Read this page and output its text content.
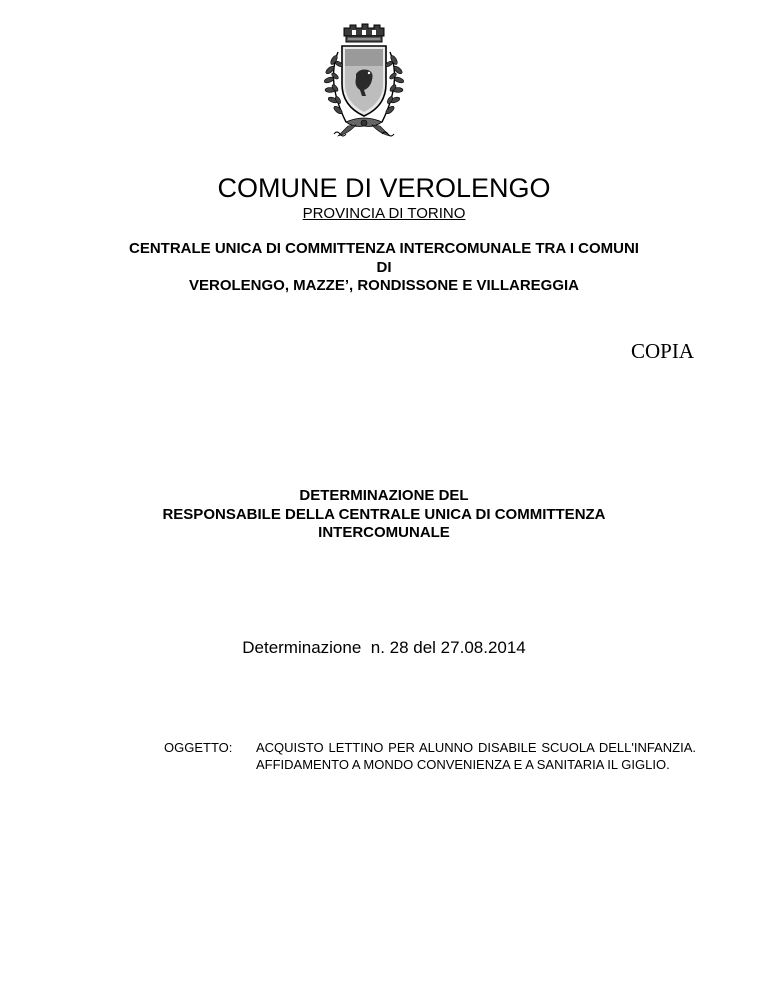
COMUNE DI VEROLENGO
PROVINCIA DI TORINO
CENTRALE UNICA DI COMMITTENZA INTERCOMUNALE TRA I COMUNI
DI
VEROLENGO, MAZZE’, RONDISSONE E VILLAREGGIA
COPIA
DETERMINAZIONE DEL
RESPONSABILE DELLA CENTRALE UNICA DI COMMITTENZA
INTERCOMUNALE
Determinazione  n. 28 del 27.08.2014
OGGETTO:	ACQUISTO LETTINO PER ALUNNO DISABILE SCUOLA DELL'INFANZIA. AFFIDAMENTO A MONDO CONVENIENZA E A SANITARIA IL GIGLIO.
